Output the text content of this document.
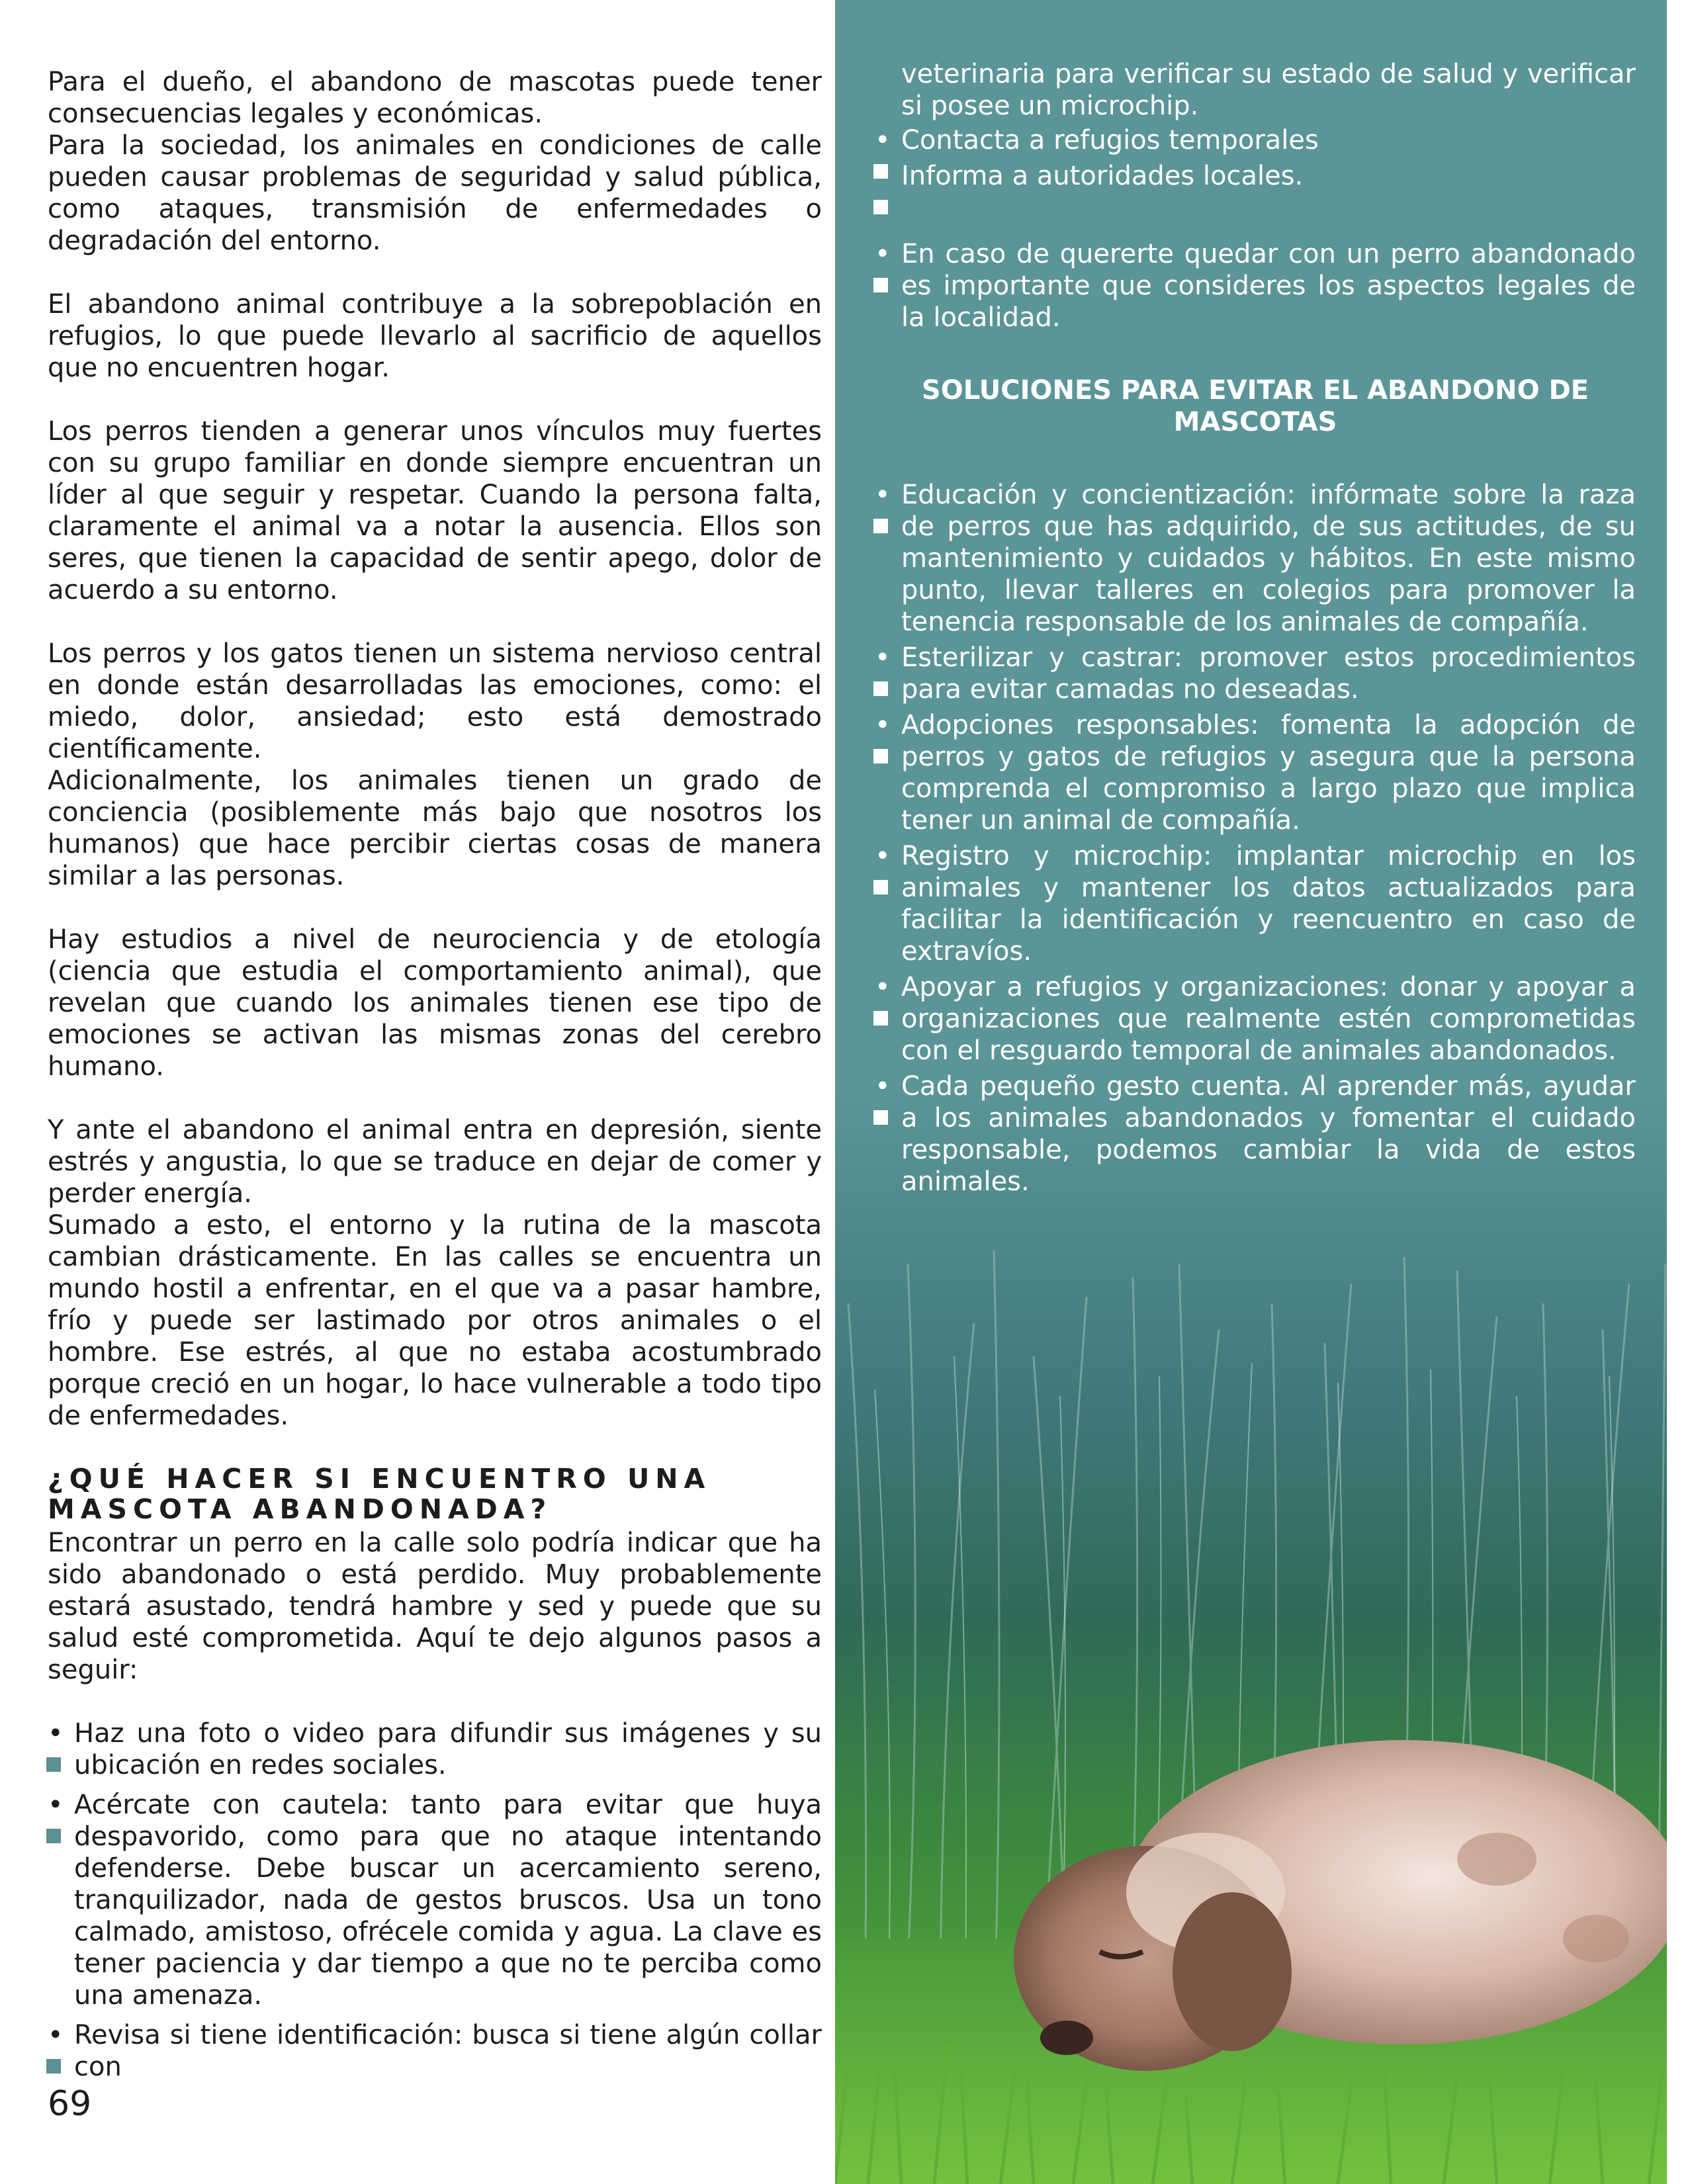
Para el dueño, el abandono de mascotas puede tener consecuencias legales y económicas.

Para la sociedad, los animales en condiciones de calle pueden causar problemas de seguridad y salud pública, como ataques, transmisión de enfermedades o degradación del entorno.

El abandono animal contribuye a la sobrepoblación en refugios, lo que puede llevarlo al sacrificio de aquellos que no encuentren hogar.

Los perros tienden a generar unos vínculos muy fuertes con su grupo familiar en donde siempre encuentran un líder al que seguir y respetar. Cuando la persona falta, claramente el animal va a notar la ausencia. Ellos son seres, que tienen la capacidad de sentir apego, dolor de acuerdo a su entorno.

Los perros y los gatos tienen un sistema nervioso central en donde están desarrolladas las emociones, como: el miedo, dolor, ansiedad; esto está demostrado científicamente.

Adicionalmente, los animales tienen un grado de conciencia (posiblemente más bajo que nosotros los humanos) que hace percibir ciertas cosas de manera similar a las personas.

Hay estudios a nivel de neurociencia y de etología (ciencia que estudia el comportamiento animal), que revelan que cuando los animales tienen ese tipo de emociones se activan las mismas zonas del cerebro humano.

Y ante el abandono el animal entra en depresión, siente estrés y angustia, lo que se traduce en dejar de comer y perder energía.

Sumado a esto, el entorno y la rutina de la mascota cambian drásticamente. En las calles se encuentra un mundo hostil a enfrentar, en el que va a pasar hambre, frío y puede ser lastimado por otros animales o el hombre. Ese estrés, al que no estaba acostumbrado porque creció en un hogar, lo hace vulnerable a todo tipo de enfermedades.

¿QUÉ HACER SI ENCUENTRO UNA MASCOTA ABANDONADA?

Encontrar un perro en la calle solo podría indicar que ha sido abandonado o está perdido. Muy probablemente estará asustado, tendrá hambre y sed y puede que su salud esté comprometida. Aquí te dejo algunos pasos a seguir:

• Haz una foto o video para difundir sus imágenes y su ubicación en redes sociales.
• Acércate con cautela: tanto para evitar que huya despavorido, como para que no ataque intentando defenderse. Debe buscar un acercamiento sereno, tranquilizador, nada de gestos bruscos. Usa un tono calmado, amistoso, ofrécele comida y agua. La clave es tener paciencia y dar tiempo a que no te perciba como una amenaza.
• Revisa si tiene identificación: busca si tiene algún collar con
69

veterinaria para verificar su estado de salud y verificar si posee un microchip.

• Contacta a refugios temporales
• Informa a autoridades locales.
• En caso de quererte quedar con un perro abandonado es importante que consideres los aspectos legales de la localidad.
SOLUCIONES PARA EVITAR EL ABANDONO DE MASCOTAS
• Educación y concientización: infórmate sobre la raza de perros que has adquirido, de sus actitudes, de su mantenimiento y cuidados y hábitos. En este mismo punto, llevar talleres en colegios para promover la tenencia responsable de los animales de compañía.
• Esterilizar y castrar: promover estos procedimientos para evitar camadas no deseadas.
• Adopciones responsables: fomenta la adopción de perros y gatos de refugios y asegura que la persona comprenda el compromiso a largo plazo que implica tener un animal de compañía.
• Registro y microchip: implantar microchip en los animales y mantener los datos actualizados para facilitar la identificación y reencuentro en caso de extravíos.
• Apoyar a refugios y organizaciones: donar y apoyar a organizaciones que realmente estén comprometidas con el resguardo temporal de animales abandonados.
• Cada pequeño gesto cuenta. Al aprender más, ayudar a los animales abandonados y fomentar el cuidado responsable, podemos cambiar la vida de estos animales.
